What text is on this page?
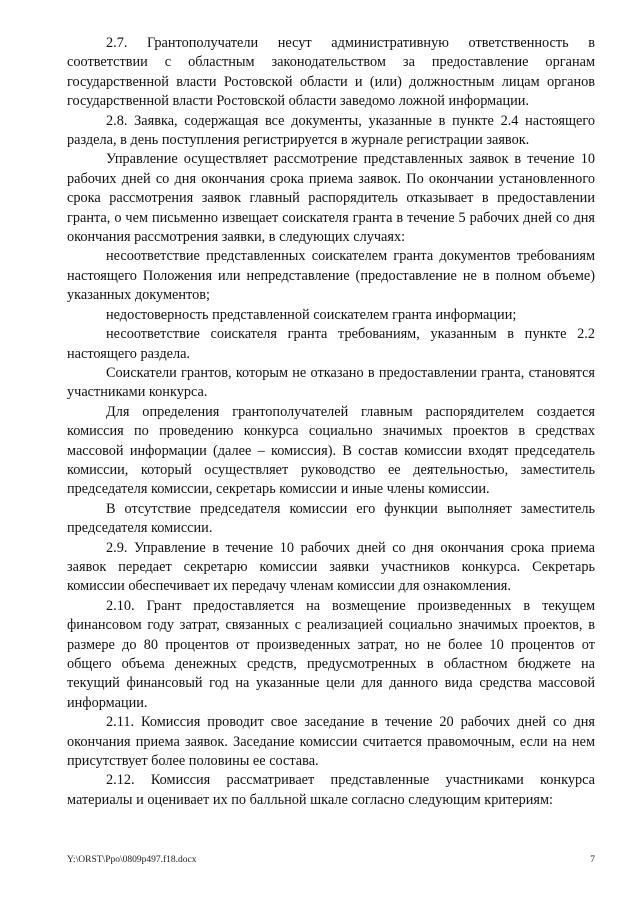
2.7. Грантополучатели несут административную ответственность в соответствии с областным законодательством за предоставление органам государственной власти Ростовской области и (или) должностным лицам органов государственной власти Ростовской области заведомо ложной информации.

2.8. Заявка, содержащая все документы, указанные в пункте 2.4 настоящего раздела, в день поступления регистрируется в журнале регистрации заявок.

Управление осуществляет рассмотрение представленных заявок в течение 10 рабочих дней со дня окончания срока приема заявок. По окончании установленного срока рассмотрения заявок главный распорядитель отказывает в предоставлении гранта, о чем письменно извещает соискателя гранта в течение 5 рабочих дней со дня окончания рассмотрения заявки, в следующих случаях:

несоответствие представленных соискателем гранта документов требованиям настоящего Положения или непредставление (предоставление не в полном объеме) указанных документов;

недостоверность представленной соискателем гранта информации;

несоответствие соискателя гранта требованиям, указанным в пункте 2.2 настоящего раздела.

Соискатели грантов, которым не отказано в предоставлении гранта, становятся участниками конкурса.

Для определения грантополучателей главным распорядителем создается комиссия по проведению конкурса социально значимых проектов в средствах массовой информации (далее – комиссия). В состав комиссии входят председатель комиссии, который осуществляет руководство ее деятельностью, заместитель председателя комиссии, секретарь комиссии и иные члены комиссии.

В отсутствие председателя комиссии его функции выполняет заместитель председателя комиссии.

2.9. Управление в течение 10 рабочих дней со дня окончания срока приема заявок передает секретарю комиссии заявки участников конкурса. Секретарь комиссии обеспечивает их передачу членам комиссии для ознакомления.

2.10. Грант предоставляется на возмещение произведенных в текущем финансовом году затрат, связанных с реализацией социально значимых проектов, в размере до 80 процентов от произведенных затрат, но не более 10 процентов от общего объема денежных средств, предусмотренных в областном бюджете на текущий финансовый год на указанные цели для данного вида средства массовой информации.

2.11. Комиссия проводит свое заседание в течение 20 рабочих дней со дня окончания приема заявок. Заседание комиссии считается правомочным, если на нем присутствует более половины ее состава.

2.12. Комиссия рассматривает представленные участниками конкурса материалы и оценивает их по балльной шкале согласно следующим критериям:

Y:\ORST\Ppo\0809p497.f18.docx	7
